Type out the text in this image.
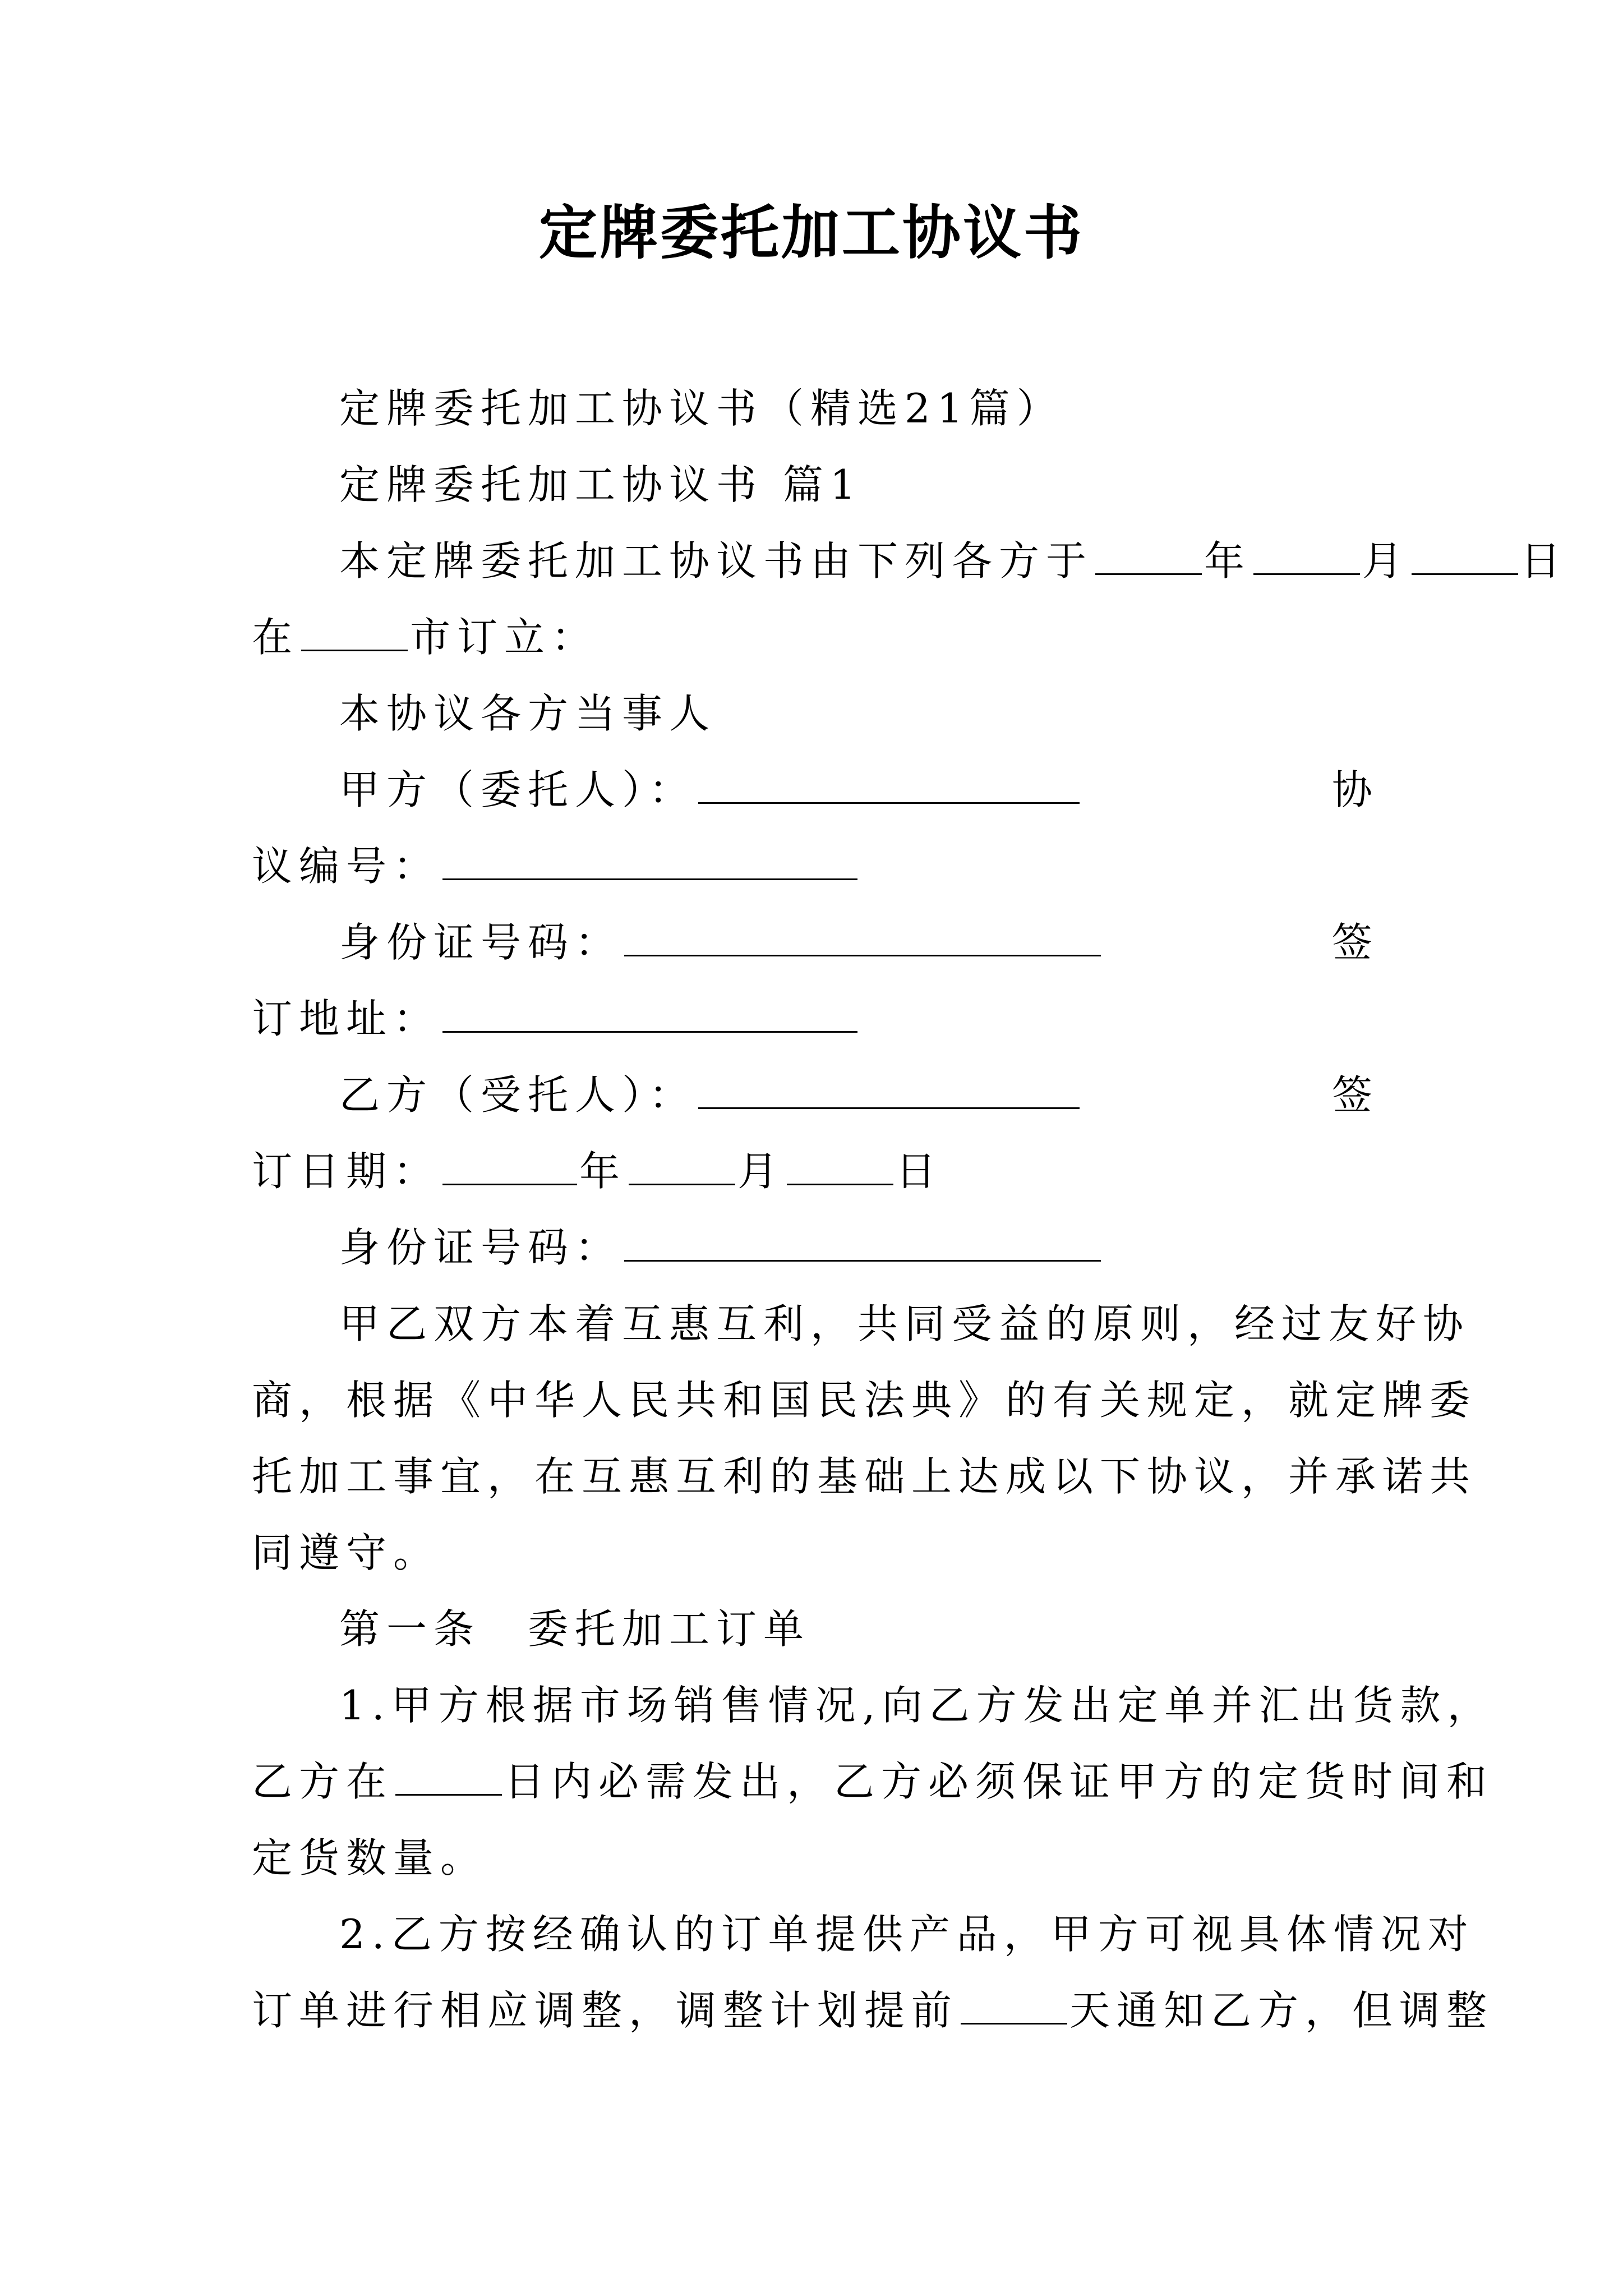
定牌委托加工协议书
定牌委托加工协议书（精选21篇）
定牌委托加工协议书 篇1
本定牌委托加工协议书由下列各方于	年	月	日
在	市订立：
本协议各方当事人
甲方（委托人）：	协
议编号：
身份证号码：	签
订地址：
乙方（受托人）：	签
订日期：	年	月	日
身份证号码：
甲乙双方本着互惠互利，共同受益的原则，经过友好协
商，根据《中华人民共和国民法典》的有关规定，就定牌委
托加工事宜，在互惠互利的基础上达成以下协议，并承诺共
同遵守。
第一条　委托加工订单
1.甲方根据市场销售情况,向乙方发出定单并汇出货款，
乙方在	日内必需发出，乙方必须保证甲方的定货时间和
定货数量。
2.乙方按经确认的订单提供产品，甲方可视具体情况对
订单进行相应调整，调整计划提前	天通知乙方，但调整
